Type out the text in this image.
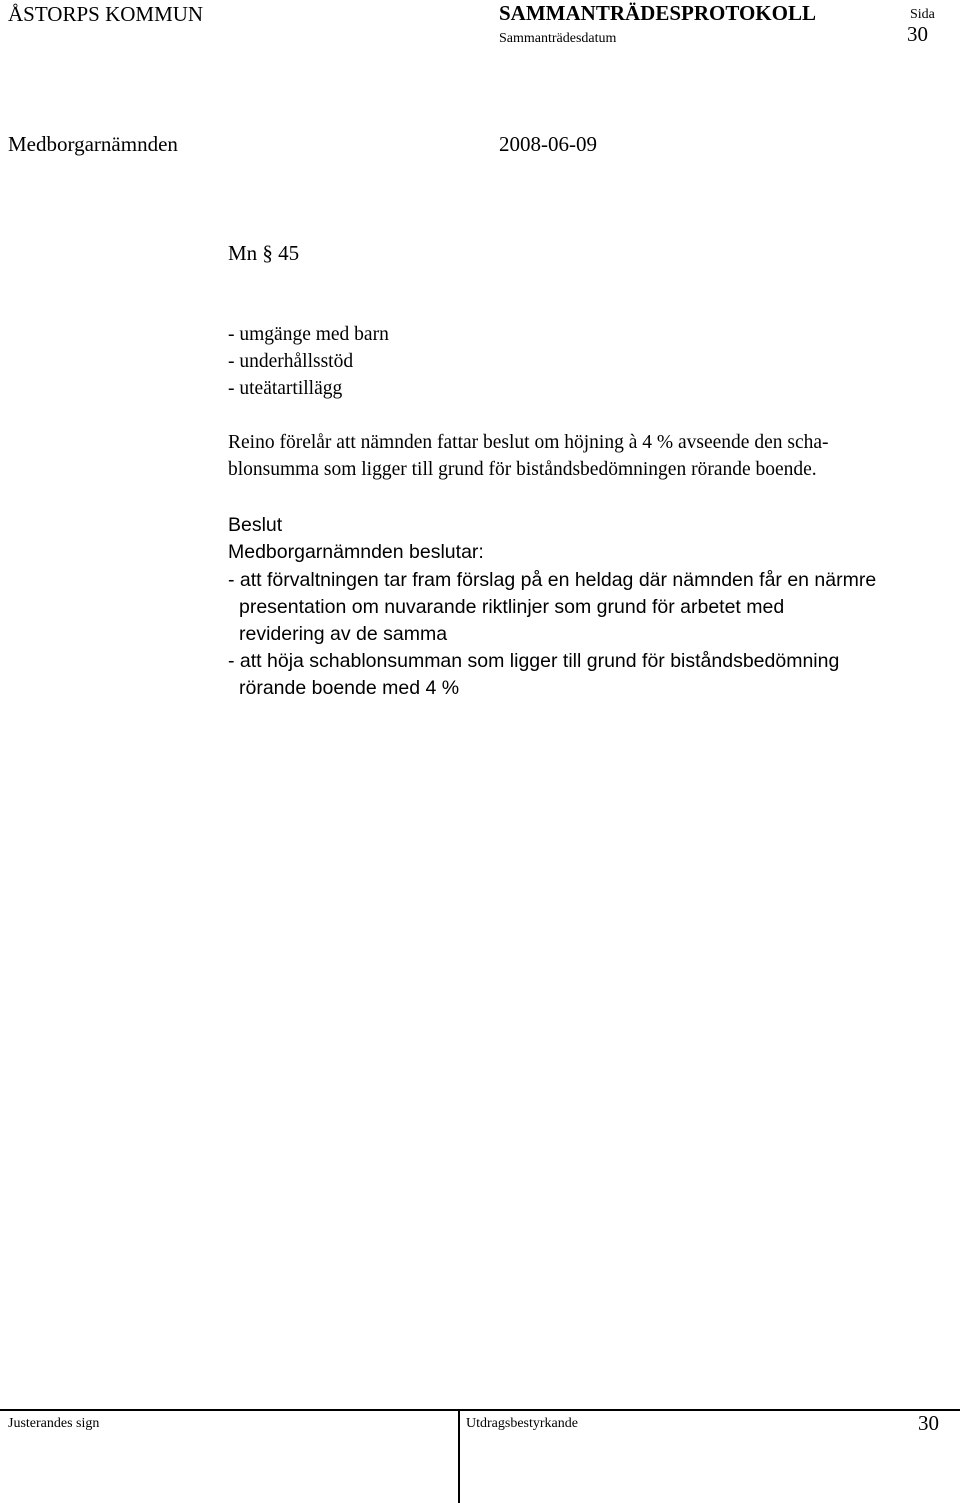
ÅSTORPS KOMMUN	SAMMANTRÄDESPROTOKOLL
Sammanträdesdatum
Sida
30
Medborgarnämnden	2008-06-09
Mn § 45
- umgänge med barn
- underhållsstöd
- uteätartillägg
Reino förelår att nämnden fattar beslut om höjning à 4 % avseende den scha-
blonsumma som ligger till grund för biståndsbedömningen rörande boende.
Beslut
Medborgarnämnden beslutar:
- att förvaltningen tar fram förslag på en heldag där nämnden får en närmre
presentation om nuvarande riktlinjer som grund för arbetet med
revidering av de samma
- att höja schablonsumman som ligger till grund för biståndsbedömning
rörande boende med 4 %
Justerandes sign	Utdragsbestyrkande	30
